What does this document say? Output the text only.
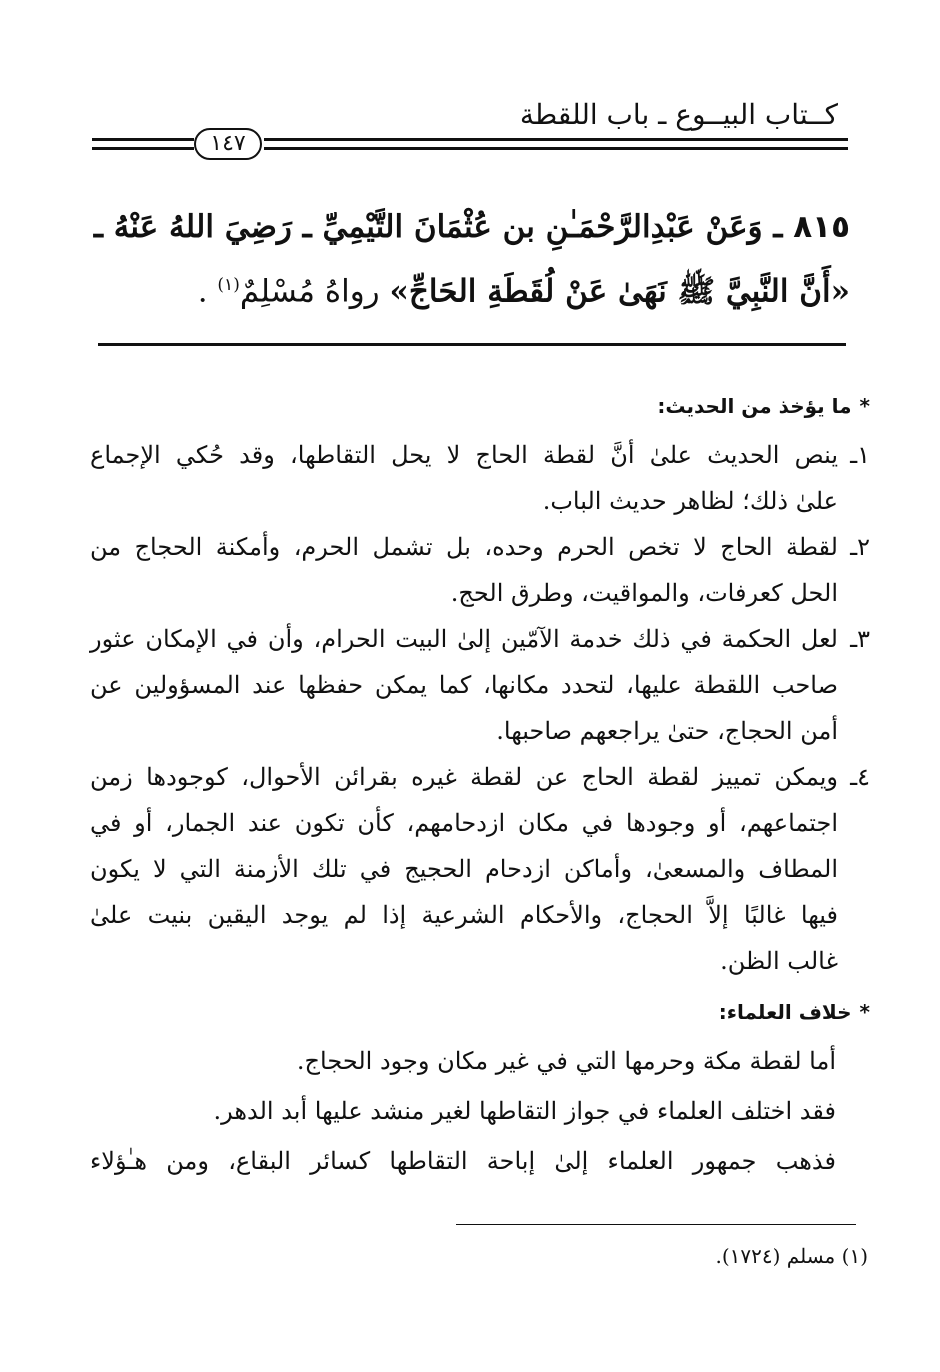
كــتاب البيــوع ـ باب اللقطة
١٤٧
٨١٥ ـ وَعَنْ عَبْدِالرَّحْمَـٰنِ بن عُثْمَانَ التَّيْمِيِّ ـ رَضِيَ اللهُ عَنْهُ ـ
«أَنَّ النَّبِيَّ ﷺ نَهَىٰ عَنْ لُقَطَةِ الحَاجِّ» رواهُ مُسْلِمٌ$^{(١)}$ .
*ما يؤخذ من الحديث:
١ـ
ينص الحديث علىٰ أنَّ لقطة الحاج لا يحل التقاطها، وقد حُكي الإجماع
علىٰ ذلك؛ لظاهر حديث الباب.
٢ـ
لقطة الحاج لا تخص الحرم وحده، بل تشمل الحرم، وأمكنة الحجاج من
الحل كعرفات، والمواقيت، وطرق الحج.
٣ـ
لعل الحكمة في ذلك خدمة الآمّين إلىٰ البيت الحرام، وأن في الإمكان عثور
صاحب اللقطة عليها، لتحدد مكانها، كما يمكن حفظها عند المسؤولين عن
أمن الحجاج، حتىٰ يراجعهم صاحبها.
٤ـ
ويمكن تمييز لقطة الحاج عن لقطة غيره بقرائن الأحوال، كوجودها زمن
اجتماعهم، أو وجودها في مكان ازدحامهم، كأن تكون عند الجمار، أو في
المطاف والمسعىٰ، وأماكن ازدحام الحجيج في تلك الأزمنة التي لا يكون
فيها غالبًا إلاَّ الحجاج، والأحكام الشرعية إذا لم يوجد اليقين بنيت علىٰ
غالب الظن.
*خلاف العلماء:
أما لقطة مكة وحرمها التي في غير مكان وجود الحجاج.
فقد اختلف العلماء في جواز التقاطها لغير منشد عليها أبد الدهر.
فذهب جمهور العلماء إلىٰ إباحة التقاطها كسائر البقاع، ومن هـٰؤلاء
(١) مسلم (١٧٢٤).
